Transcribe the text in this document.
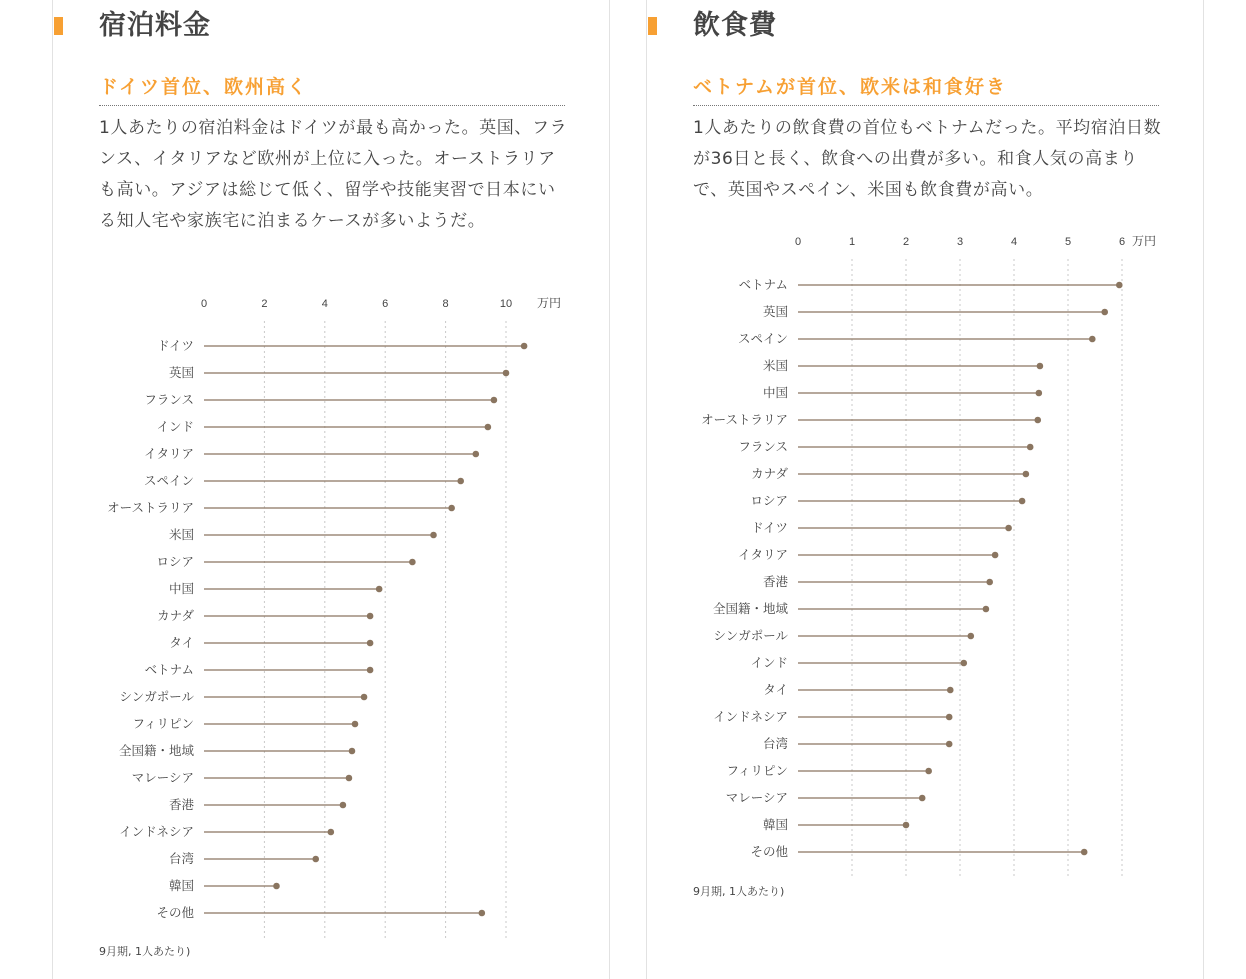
宿泊料金
ドイツ首位、欧州高く
1人あたりの宿泊料金はドイツが最も高かった。英国、フランス、イタリアなど欧州が上位に入った。オーストラリアも高い。アジアは総じて低く、留学や技能実習で日本にいる知人宅や家族宅に泊まるケースが多いようだ。
0	2	4	6	8	10 万円
ドイツ
英国
フランス
インド
イタリア
スペイン
オーストラリア
米国
ロシア
中国
カナダ
タイ
ベトナム
シンガポール
フィリピン
全国籍・地域
マレーシア
香港
インドネシア
台湾
韓国
その他
9月期, 1人あたり)
飲食費
ベトナムが首位、欧米は和食好き
1人あたりの飲食費の首位もベトナムだった。平均宿泊日数が36日と長く、飲食への出費が多い。和食人気の高まりで、英国やスペイン、米国も飲食費が高い。
0	1	2	3	4	5	6 万円
ベトナム
英国
スペイン
米国
中国
オーストラリア
フランス
カナダ
ロシア
ドイツ
イタリア
香港
全国籍・地域
シンガポール
インド
タイ
インドネシア
台湾
フィリピン
マレーシア
韓国
その他
9月期, 1人あたり)
